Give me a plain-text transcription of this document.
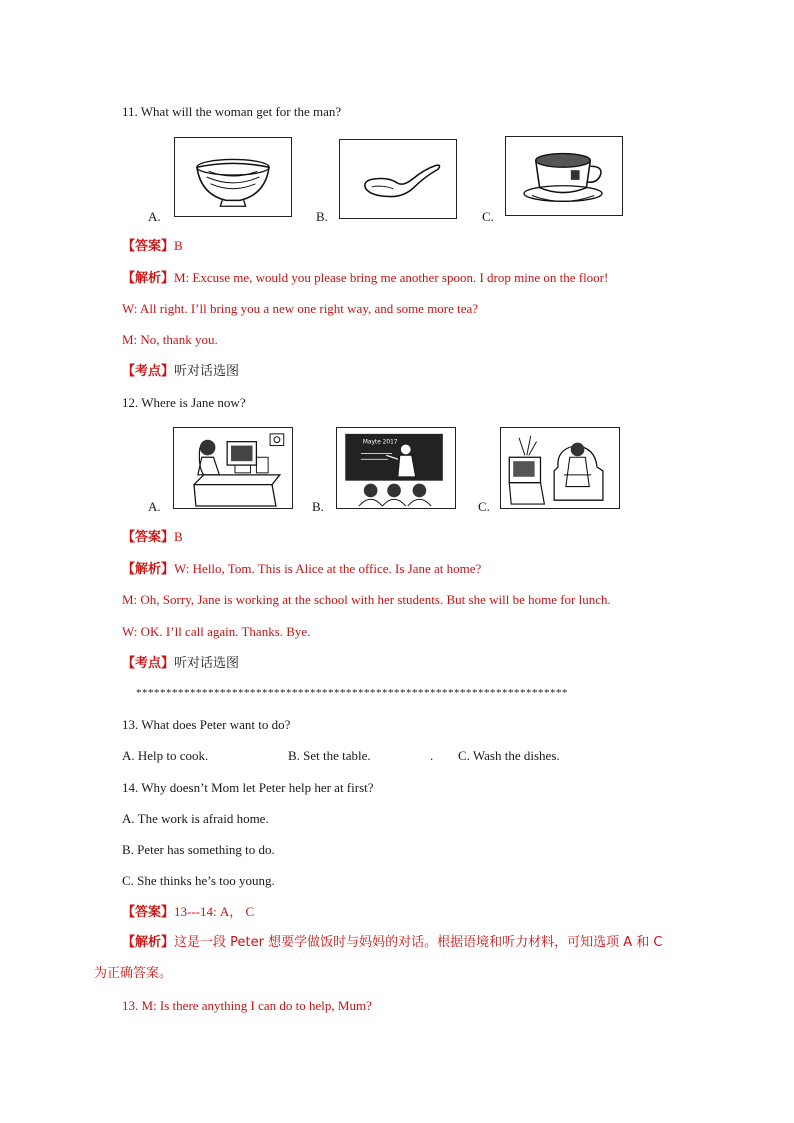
11. What will the woman get for the man?
A.	B.	C.
【答案】B
【解析】M: Excuse me, would you please bring me another spoon. I drop mine on the floor!
W: All right. I’ll bring you a new one right way, and some more tea?
M: No, thank you.
【考点】听对话选图
12. Where is Jane now?
A.
Mayte 2017
B.	C.
【答案】B
【解析】W: Hello, Tom. This is Alice at the office. Is Jane at home?
M: Oh, Sorry, Jane is working at the school with her students. But she will be home for lunch.
W: OK. I’ll call again. Thanks. Bye.
【考点】听对话选图
************************************************************************
13. What does Peter want to do?
A. Help to cook.	B. Set the table.	. C. Wash the dishes.
14. Why doesn’t Mom let Peter help her at first?
A. The work is afraid home.
B. Peter has something to do.
C. She thinks he’s too young.
【答案】13---14: A， C
【解析】这是一段 Peter 想要学做饭时与妈妈的对话。根据语境和听力材料，可知选项 A 和 C
为正确答案。
13. M: Is there anything I can do to help, Mum?
